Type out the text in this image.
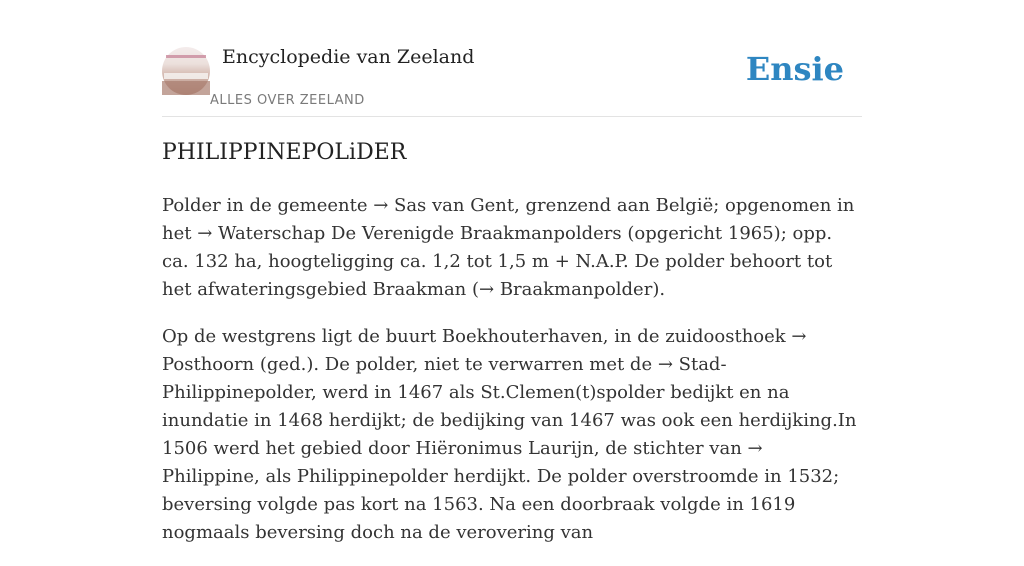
Encyclopedie van Zeeland
ALLES OVER ZEELAND
Ensie
PHILIPPINEPOLiDER

Polder in de gemeente → Sas van Gent, grenzend aan België; opgenomen in het → Waterschap De Verenigde Braakmanpolders (opgericht 1965); opp. ca. 132 ha, hoogteligging ca. 1,2 tot 1,5 m + N.A.P. De polder behoort tot het afwateringsgebied Braakman (→ Braakmanpolder).

Op de westgrens ligt de buurt Boekhouterhaven, in de zuidoosthoek → Posthoorn (ged.). De polder, niet te verwarren met de → Stad-Philippinepolder, werd in 1467 als St.Clemen(t)spolder bedijkt en na inundatie in 1468 herdijkt; de bedijking van 1467 was ook een herdijking.In 1506 werd het gebied door Hiëronimus Laurijn, de stichter van → Philippine, als Philippinepolder herdijkt. De polder overstroomde in 1532; beversing volgde pas kort na 1563. Na een doorbraak volgde in 1619 nogmaals beversing doch na de verovering van
